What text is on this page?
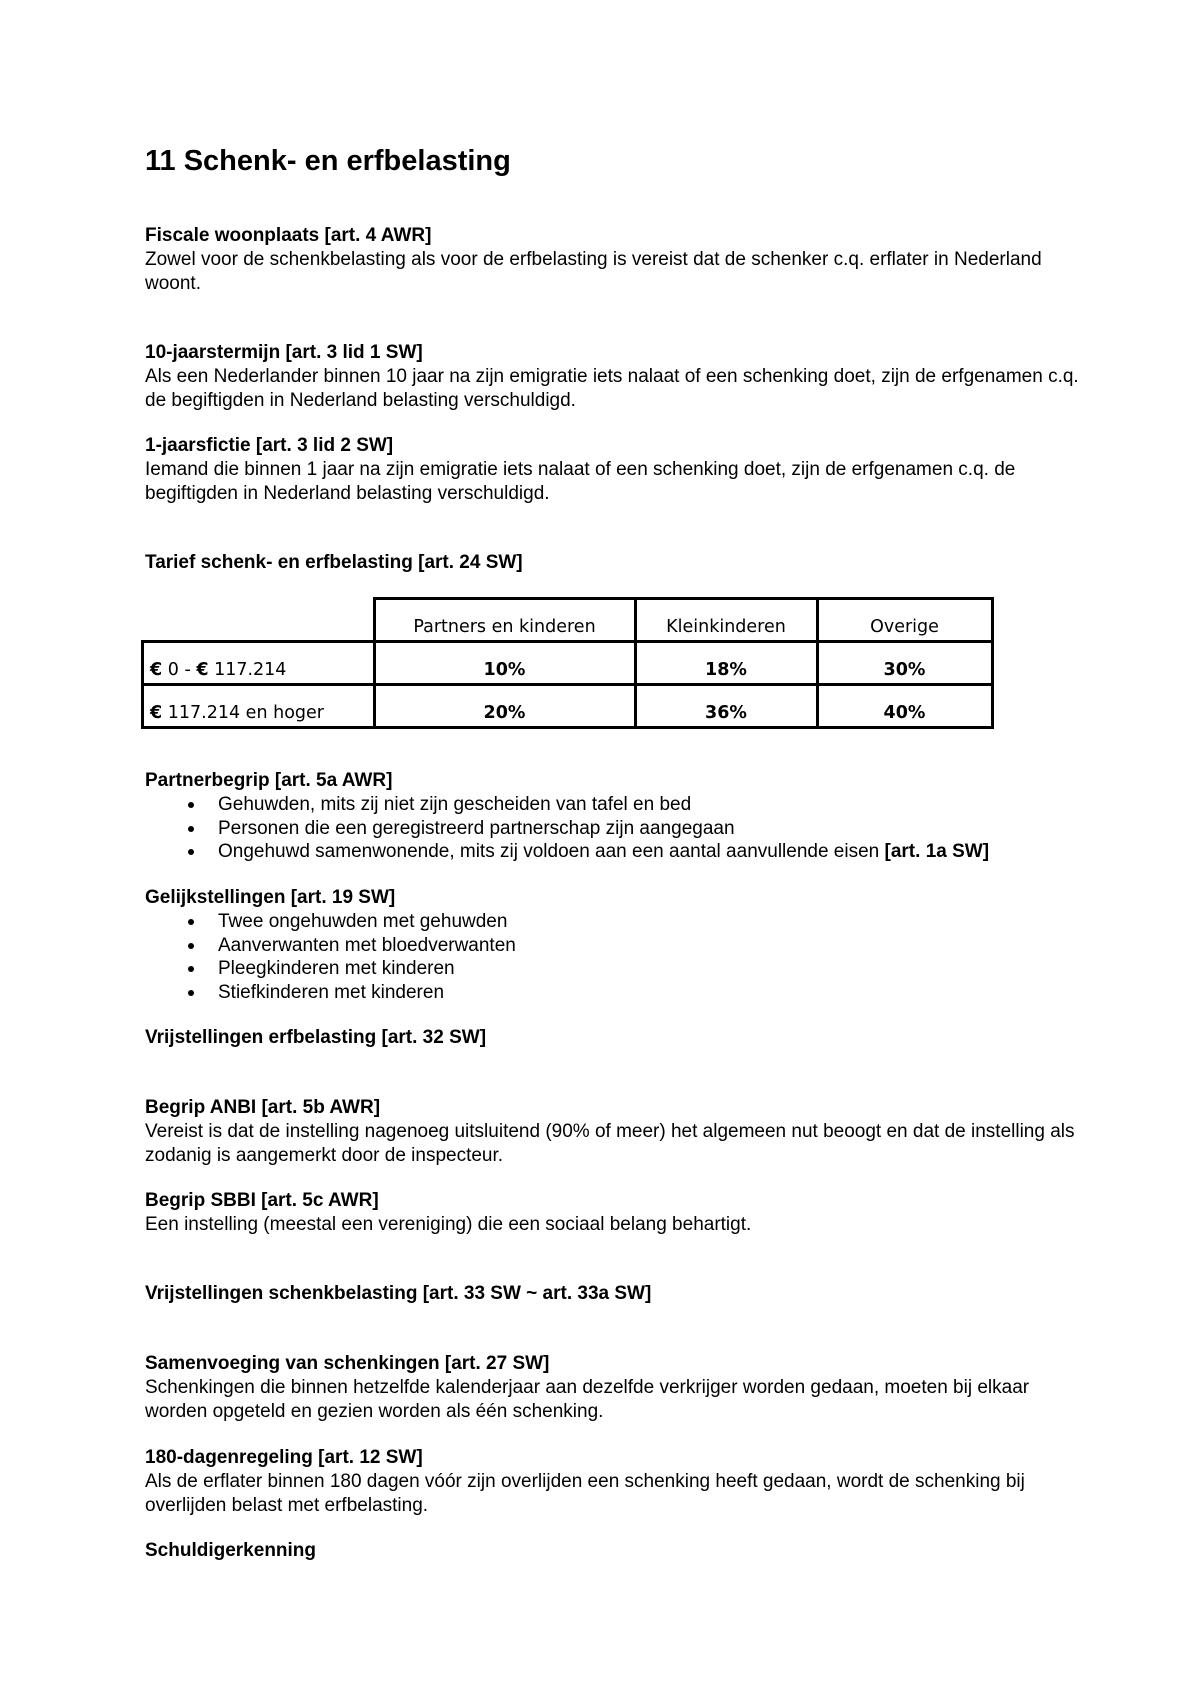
11 Schenk- en erfbelasting

Fiscale woonplaats [art. 4 AWR]

Zowel voor de schenkbelasting als voor de erfbelasting is vereist dat de schenker c.q. erflater in Nederland woont.

10-jaarstermijn [art. 3 lid 1 SW]

Als een Nederlander binnen 10 jaar na zijn emigratie iets nalaat of een schenking doet, zijn de erfgenamen c.q. de begiftigden in Nederland belasting verschuldigd.

1-jaarsfictie [art. 3 lid 2 SW]

Iemand die binnen 1 jaar na zijn emigratie iets nalaat of een schenking doet, zijn de erfgenamen c.q. de begiftigden in Nederland belasting verschuldigd.

Tarief schenk- en erfbelasting [art. 24 SW]

	Partners en kinderen	Kleinkinderen	Overige
€ 0 - € 117.214	10%	18%	30%
€ 117.214 en hoger	20%	36%	40%

Partnerbegrip [art. 5a AWR]

Gehuwden, mits zij niet zijn gescheiden van tafel en bed
Personen die een geregistreerd partnerschap zijn aangegaan
Ongehuwd samenwonende, mits zij voldoen aan een aantal aanvullende eisen [art. 1a SW]

Gelijkstellingen [art. 19 SW]

Twee ongehuwden met gehuwden
Aanverwanten met bloedverwanten
Pleegkinderen met kinderen
Stiefkinderen met kinderen

Vrijstellingen erfbelasting [art. 32 SW]

Begrip ANBI [art. 5b AWR]

Vereist is dat de instelling nagenoeg uitsluitend (90% of meer) het algemeen nut beoogt en dat de instelling als zodanig is aangemerkt door de inspecteur.

Begrip SBBI [art. 5c AWR]

Een instelling (meestal een vereniging) die een sociaal belang behartigt.

Vrijstellingen schenkbelasting [art. 33 SW ~ art. 33a SW]

Samenvoeging van schenkingen [art. 27 SW]

Schenkingen die binnen hetzelfde kalenderjaar aan dezelfde verkrijger worden gedaan, moeten bij elkaar worden opgeteld en gezien worden als één schenking.

180-dagenregeling [art. 12 SW]

Als de erflater binnen 180 dagen vóór zijn overlijden een schenking heeft gedaan, wordt de schenking bij overlijden belast met erfbelasting.

Schuldigerkenning
